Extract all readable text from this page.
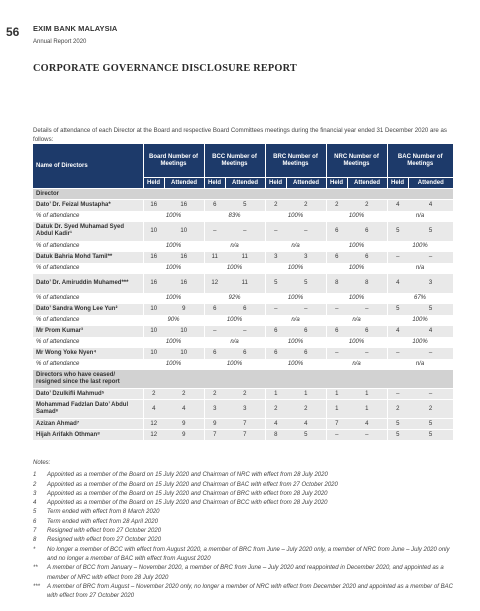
56 EXIM BANK MALAYSIA
Annual Report 2020
CORPORATE GOVERNANCE DISCLOSURE REPORT
Details of attendance of each Director at the Board and respective Board Committees meetings during the financial year ended 31 December 2020 are as follows:
Name of Directors	Board Number of Meetings		BCC Number of Meetings		BRC Number of Meetings		NRC Number of Meetings		BAC Number of Meetings	
	Held	Attended	Held	Attended	Held	Attended	Held	Attended	Held	Attended
Director										
Dato’ Dr. Feizal Mustapha*	16	16	6	5	2	2	2	2	4	4
% of attendance	100%		83%		100%		100%		n/a	
Datuk Dr. Syed Muhamad Syed Abdul Kadir¹	10	10	–	–	–	–	6	6	5	5
% of attendance	100%		n/a		n/a		100%		100%	
Datuk Bahria Mohd Tamil**	16	16	11	11	3	3	6	6	–	–
% of attendance	100%		100%		100%		100%		n/a	
Dato’ Dr. Amiruddin Muhamed***	16	16	12	11	5	5	8	8	4	3
% of attendance	100%		92%		100%		100%		67%	
Dato’ Sandra Wong Lee Yun²	10	9	6	6	–	–	–	–	5	5
% of attendance	90%		100%		n/a		n/a		100%	
Mr Prom Kumar³	10	10	–	–	6	6	6	6	4	4
% of attendance	100%		n/a		100%		100%		100%	
Mr Wong Yoke Nyen⁴	10	10	6	6	6	6	–	–	–	–
% of attendance	100%		100%		100%		n/a		n/a	
Directors who have ceased/ resigned since the last report										
Dato’ Dzulkifli Mahmud⁵	2	2	2	2	1	1	1	1	–	–
Mohammad Fadzlan Dato’ Abdul Samad⁶	4	4	3	3	2	2	1	1	2	2
Azizan Ahmad⁷	12	9	9	7	4	4	7	4	5	5
Hijah Arifakh Othman⁸	12	9	7	7	8	5	–	–	5	5
Notes:
1	Appointed as a member of the Board on 15 July 2020 and Chairman of NRC with effect from 28 July 2020
2	Appointed as a member of the Board on 15 July 2020 and Chairman of BAC with effect from 27 October 2020
3	Appointed as a member of the Board on 15 July 2020 and Chairman of BRC with effect from 28 July 2020
4	Appointed as a member of the Board on 15 July 2020 and Chairman of BCC with effect from 28 July 2020
5	Term ended with effect from 8 March 2020
6	Term ended with effect from 28 April 2020
7	Resigned with effect from 27 October 2020
8	Resigned with effect from 27 October 2020
*	No longer a member of BCC with effect from August 2020, a member of BRC from June – July 2020 only, a member of NRC from June – July 2020 only and no longer a member of BAC with effect from August 2020
**	A member of BCC from January – November 2020, a member of BRC from June – July 2020 and reappointed in December 2020, and appointed as a member of NRC with effect from 28 July 2020
***	A member of BRC from August – November 2020 only, no longer a member of NRC with effect from December 2020 and appointed as a member of BAC with effect from 27 October 2020
